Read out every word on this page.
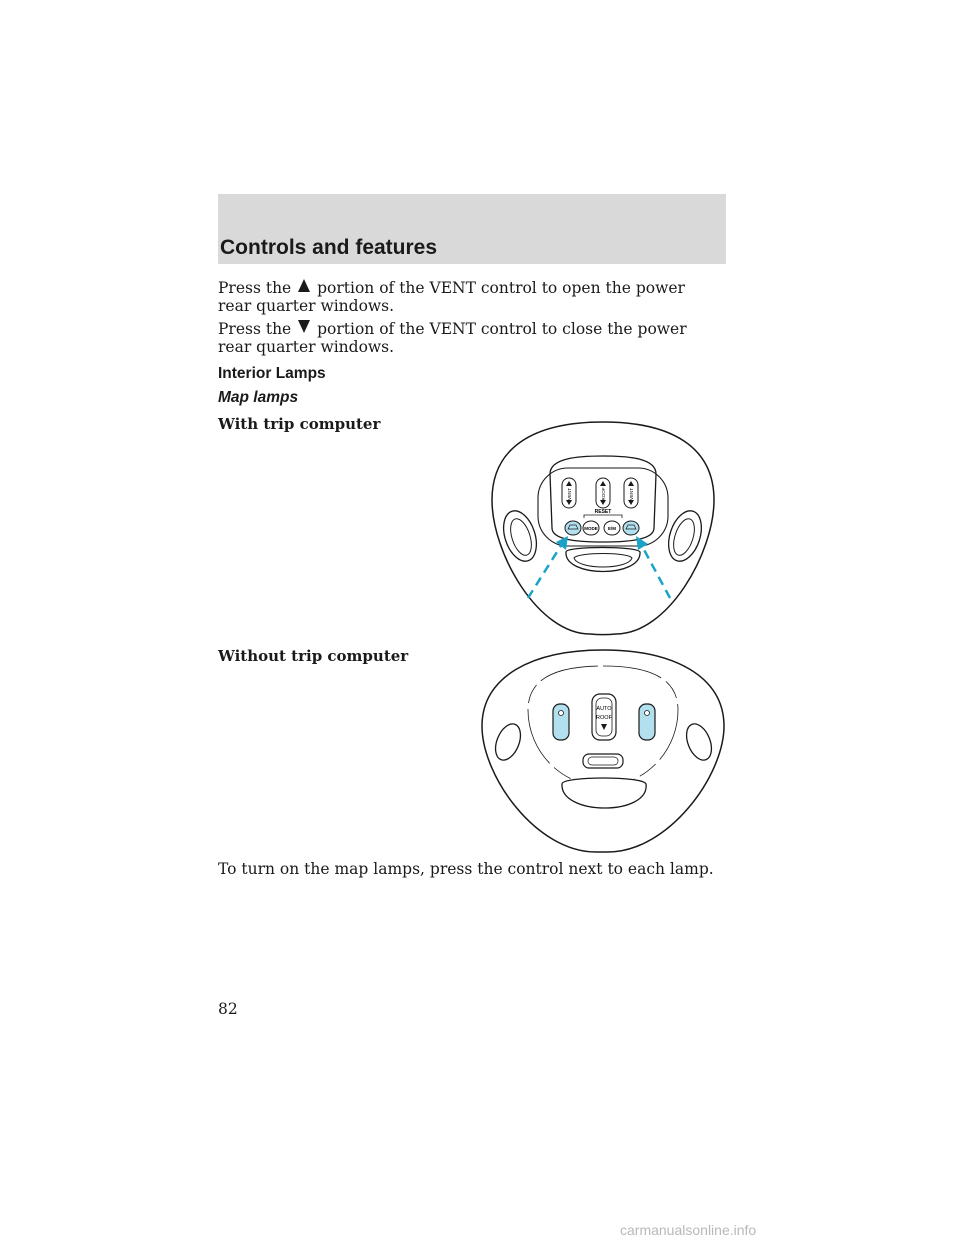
Controls and features
Press the portion of the VENT control to open the power rear quarter windows.
Press the portion of the VENT control to close the power rear quarter windows.
Interior Lamps
Map lamps
With trip computer
VENT	ROOF	VENT
RESET
MODE E/M
Without trip computer
AUTO
ROOF
To turn on the map lamps, press the control next to each lamp.
82
carmanualsonline.info
